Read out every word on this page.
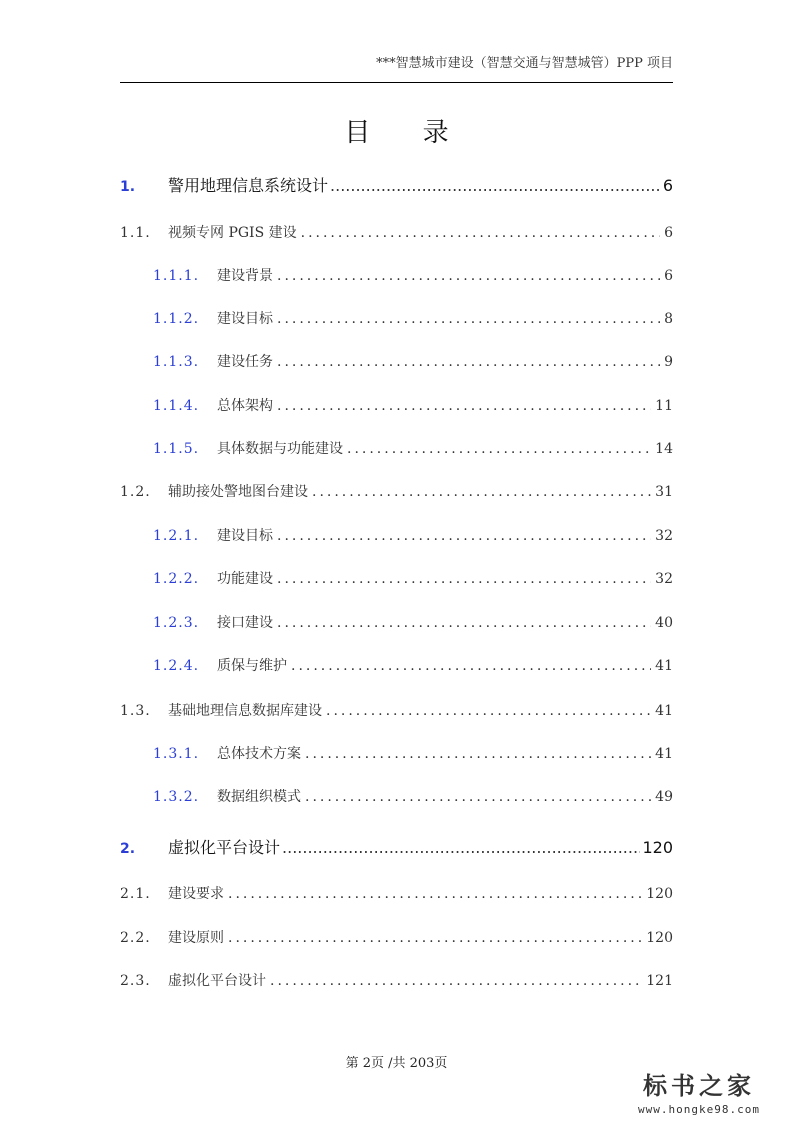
***智慧城市建设（智慧交通与智慧城管）PPP 项目
目 录
1.	警用地理信息系统设计 .....	6
1.1.	视频专网 PGIS 建设 .....	6
1.1.1.	建设背景 .....	6
1.1.2.	建设目标 .....	8
1.1.3.	建设任务 .....	9
1.1.4.	总体架构 .....	11
1.1.5.	具体数据与功能建设 .....	14
1.2.	辅助接处警地图台建设 .....	31
1.2.1.	建设目标 .....	32
1.2.2.	功能建设 .....	32
1.2.3.	接口建设 .....	40
1.2.4.	质保与维护 .....	41
1.3.	基础地理信息数据库建设 .....	41
1.3.1.	总体技术方案 .....	41
1.3.2.	数据组织模式 .....	49
2.	虚拟化平台设计 .....	120
2.1.	建设要求 .....	120
2.2.	建设原则 .....	120
2.3.	虚拟化平台设计 .....	121
第 2页 /共 203页
标书之家
www.hongke98.com
